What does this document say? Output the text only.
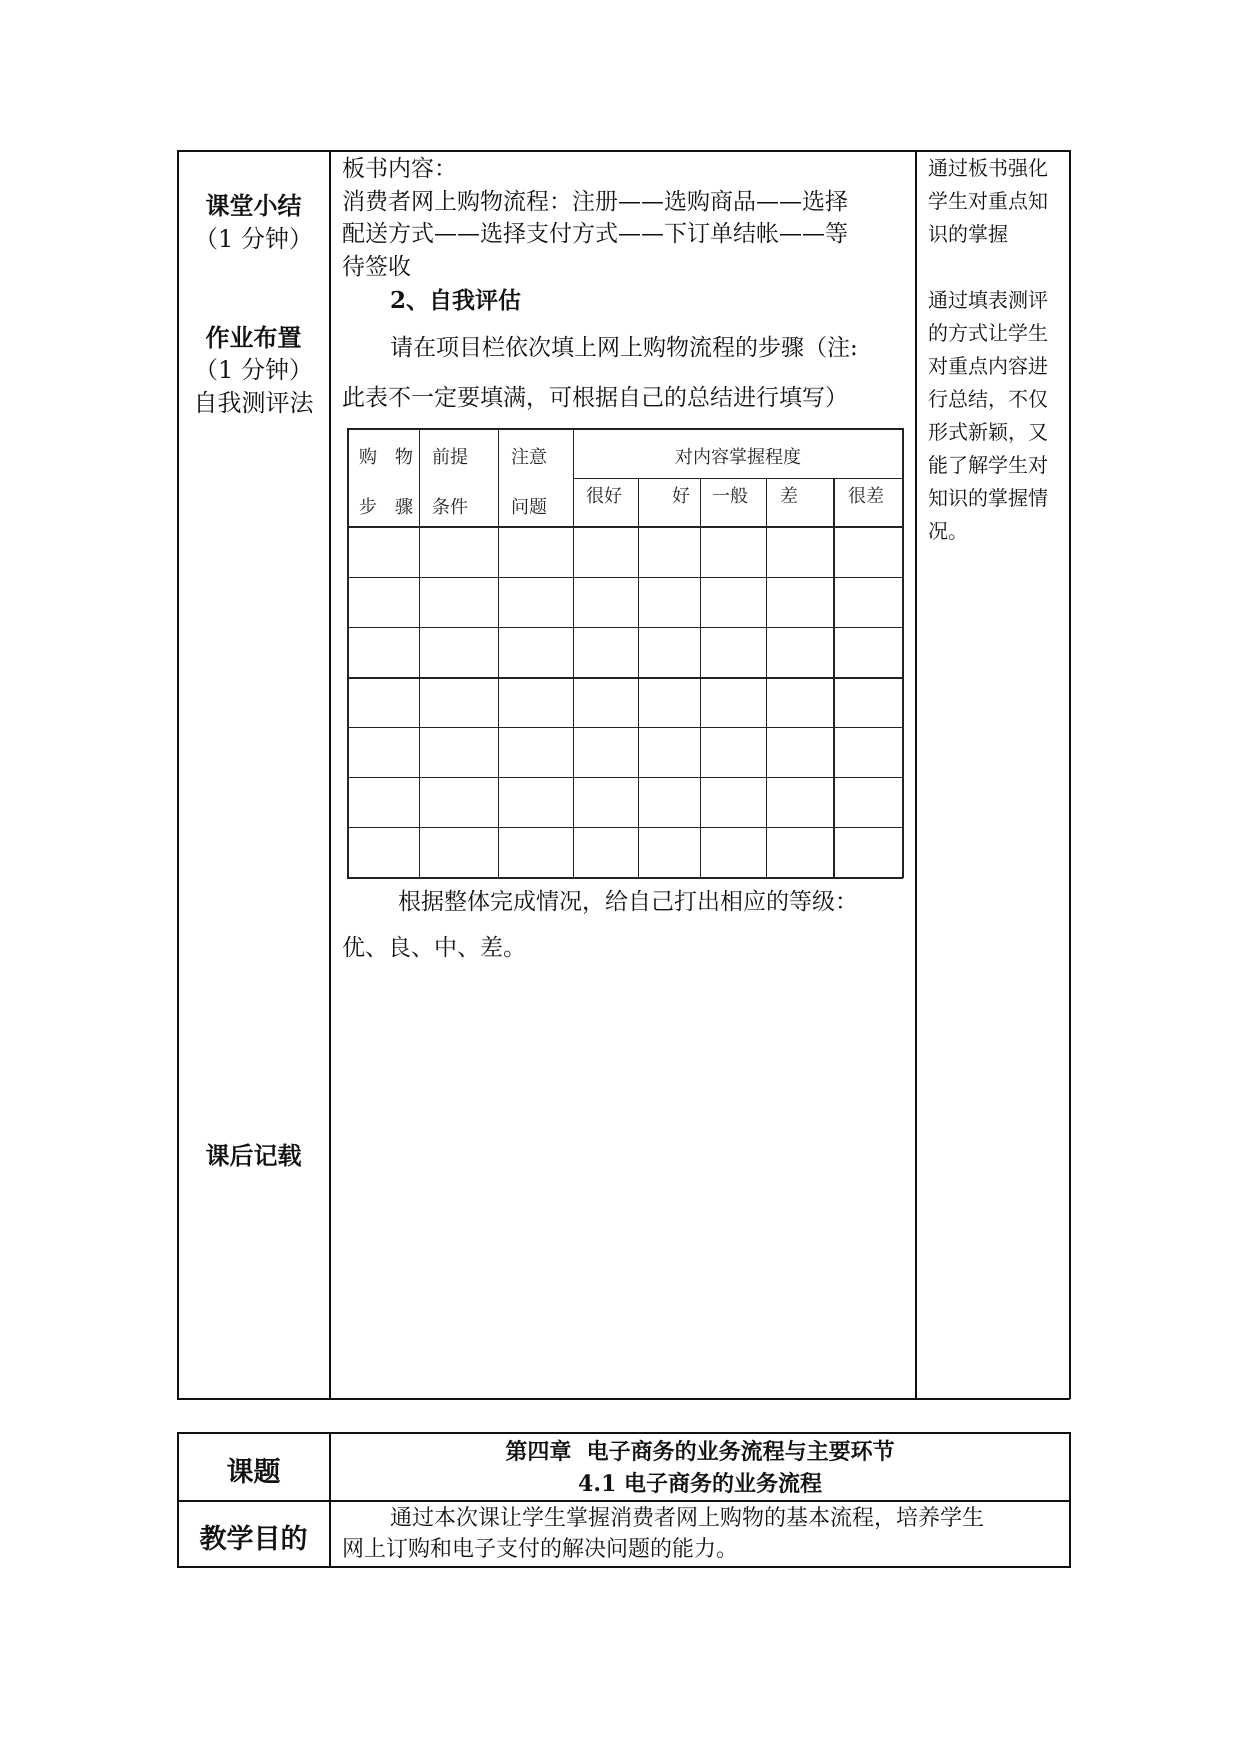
课堂小结
（1 分钟）
作业布置
（1 分钟）
自我测评法
课后记载
板书内容：
消费者网上购物流程：注册——选购商品——选择
配送方式——选择支付方式——下订单结帐——等
待签收
2、自我评估
请在项目栏依次填上网上购物流程的步骤（注:
此表不一定要填满，可根据自己的总结进行填写）
购　物
步　骤
前提
条件
注意
问题
对内容掌握程度
很好	好 一般 差	很差
根据整体完成情况，给自己打出相应的等级：
优、良、中、差。
通过板书强化
学生对重点知
识的掌握
通过填表测评
的方式让学生
对重点内容进
行总结，不仅
形式新颖，又
能了解学生对
知识的掌握情
况。
课题
第四章  电子商务的业务流程与主要环节
4.1 电子商务的业务流程
教学目的
通过本次课让学生掌握消费者网上购物的基本流程，培养学生
网上订购和电子支付的解决问题的能力。
